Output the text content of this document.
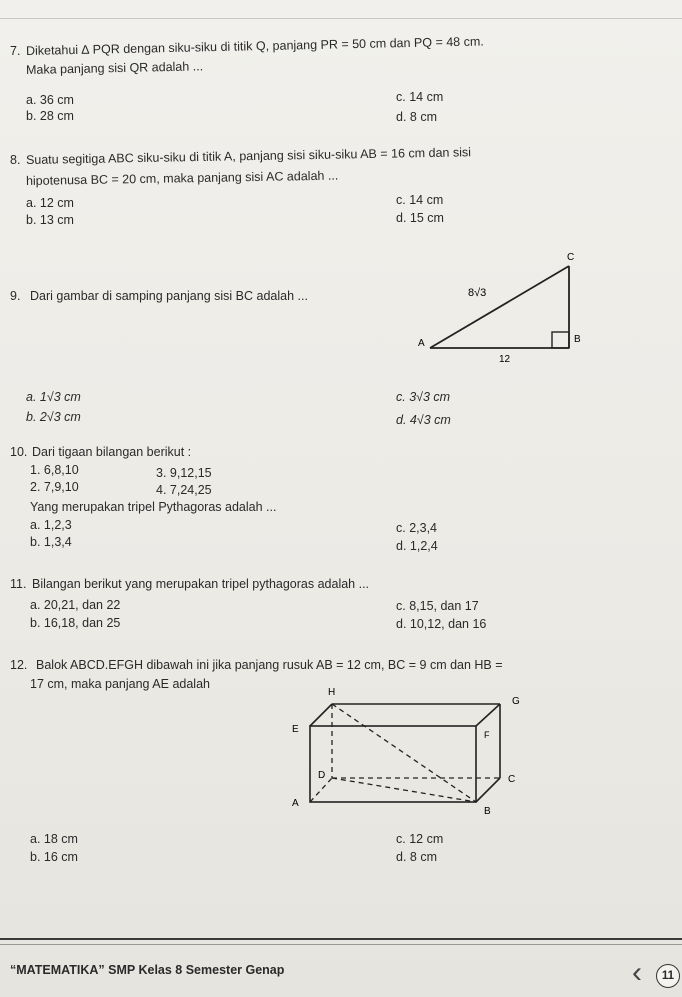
7. Diketahui ∆ PQR dengan siku-siku di titik Q, panjang PR = 50 cm dan PQ = 48 cm.
Maka panjang sisi QR adalah ...
a. 36 cm
b. 28 cm
c. 14 cm
d. 8 cm
8. Suatu segitiga ABC siku-siku di titik A, panjang sisi siku-siku AB = 16 cm dan sisi
hipotenusa BC = 20 cm, maka panjang sisi AC adalah ...
a. 12 cm
b. 13 cm
c. 14 cm
d. 15 cm
9. Dari gambar di samping panjang sisi BC adalah ...
C
B
A
8√3
12
a. 1√3 cm
b. 2√3 cm
c. 3√3 cm
d. 4√3 cm
10. Dari tigaan bilangan berikut :
1. 6,8,10
2. 7,9,10
3. 9,12,15
4. 7,24,25
Yang merupakan tripel Pythagoras adalah ...
a. 1,2,3
b. 1,3,4
c. 2,3,4
d. 1,2,4
11. Bilangan berikut yang merupakan tripel pythagoras adalah ...
a. 20,21, dan 22
b. 16,18, dan 25
c. 8,15, dan 17
d. 10,12, dan 16
12. Balok ABCD.EFGH dibawah ini jika panjang rusuk AB = 12 cm, BC = 9 cm dan HB =
17 cm, maka panjang AE adalah
H
G
E	F
D	C
A
B
a. 18 cm
b. 16 cm
c. 12 cm
d. 8 cm
“MATEMATIKA” SMP Kelas 8 Semester Genap	‹	11
